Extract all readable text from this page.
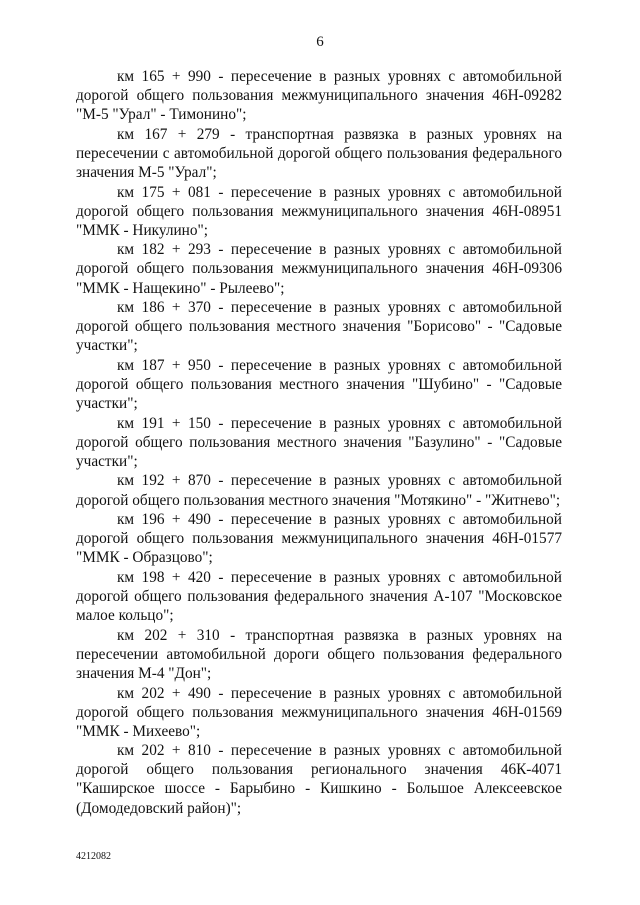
6

км 165 + 990 - пересечение в разных уровнях с автомобильной дорогой общего пользования межмуниципального значения 46Н-09282 "М-5 "Урал" - Тимонино";

км 167 + 279 - транспортная развязка в разных уровнях на пересечении с автомобильной дорогой общего пользования федерального значения М-5 "Урал";

км 175 + 081 - пересечение в разных уровнях с автомобильной дорогой общего пользования межмуниципального значения 46Н-08951 "ММК - Никулино";

км 182 + 293 - пересечение в разных уровнях с автомобильной дорогой общего пользования межмуниципального значения 46Н-09306 "ММК - Нащекино" - Рылеево";

км 186 + 370 - пересечение в разных уровнях с автомобильной дорогой общего пользования местного значения "Борисово" - "Садовые участки";

км 187 + 950 - пересечение в разных уровнях с автомобильной дорогой общего пользования местного значения "Шубино" - "Садовые участки";

км 191 + 150 - пересечение в разных уровнях с автомобильной дорогой общего пользования местного значения "Базулино" - "Садовые участки";

км 192 + 870 - пересечение в разных уровнях с автомобильной дорогой общего пользования местного значения "Мотякино" - "Житнево";

км 196 + 490 - пересечение в разных уровнях с автомобильной дорогой общего пользования межмуниципального значения 46Н-01577 "ММК - Образцово";

км 198 + 420 - пересечение в разных уровнях с автомобильной дорогой общего пользования федерального значения А-107 "Московское малое кольцо";

км 202 + 310 - транспортная развязка в разных уровнях на пересечении автомобильной дороги общего пользования федерального значения М-4 "Дон";

км 202 + 490 - пересечение в разных уровнях с автомобильной дорогой общего пользования межмуниципального значения 46Н-01569 "ММК - Михеево";

км 202 + 810 - пересечение в разных уровнях с автомобильной дорогой общего пользования регионального значения 46К-4071 "Каширское шоссе - Барыбино - Кишкино - Большое Алексеевское (Домодедовский район)";

4212082
